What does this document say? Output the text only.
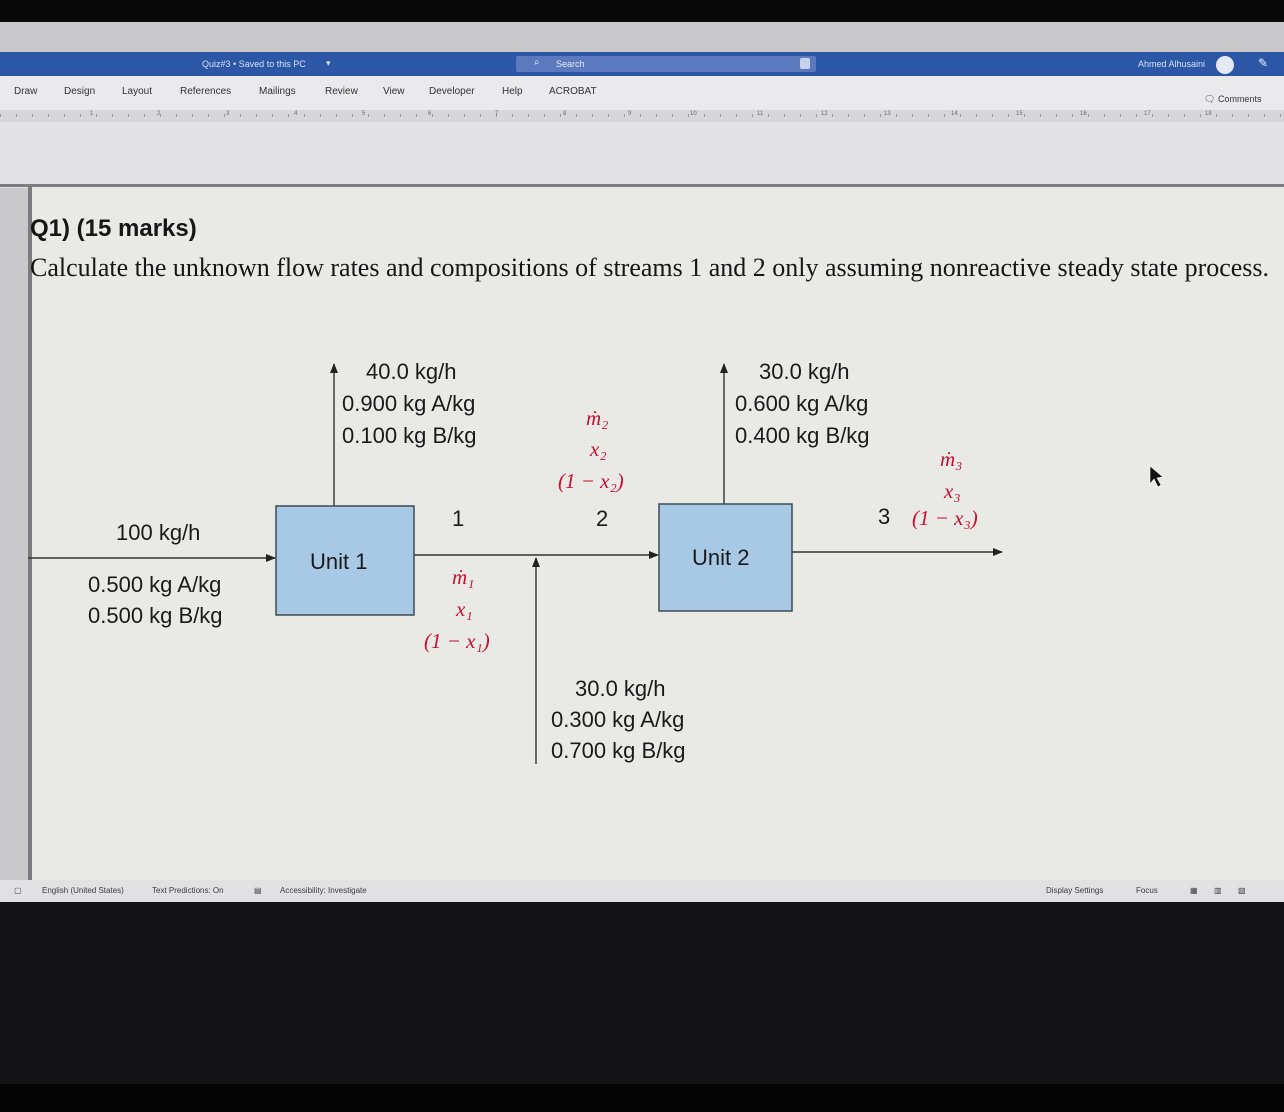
Quiz#3 • Saved to this PC ▾	⌕ Search	Ahmed Alhusaini	✎
Draw	Design	Layout	References	Mailings	Review	View Developer	Help	ACROBAT
🗨 Comments
1	2	3	4	5	6	7	8	9	10	11	12	13	14	15	16	17	18
Q1) (15 marks)
Calculate the unknown flow rates and compositions of streams 1 and 2 only assuming nonreactive steady state process.
Unit 1	Unit 2
100 kg/h
0.500 kg A/kg
0.500 kg B/kg
40.0 kg/h
0.900 kg A/kg
0.100 kg B/kg
30.0 kg/h
0.600 kg A/kg
0.400 kg B/kg
30.0 kg/h
0.300 kg A/kg
0.700 kg B/kg
1	2	3
ṁ₁
x₁
(1 − x₁)
ṁ₂
x₂
(1 − x₂)
ṁ₃
x₃
(1 − x₃)
▢	English (United States)	Text Predictions: On	▤ Accessibility: Investigate	Display Settings	Focus	▦ ▥ ▧
